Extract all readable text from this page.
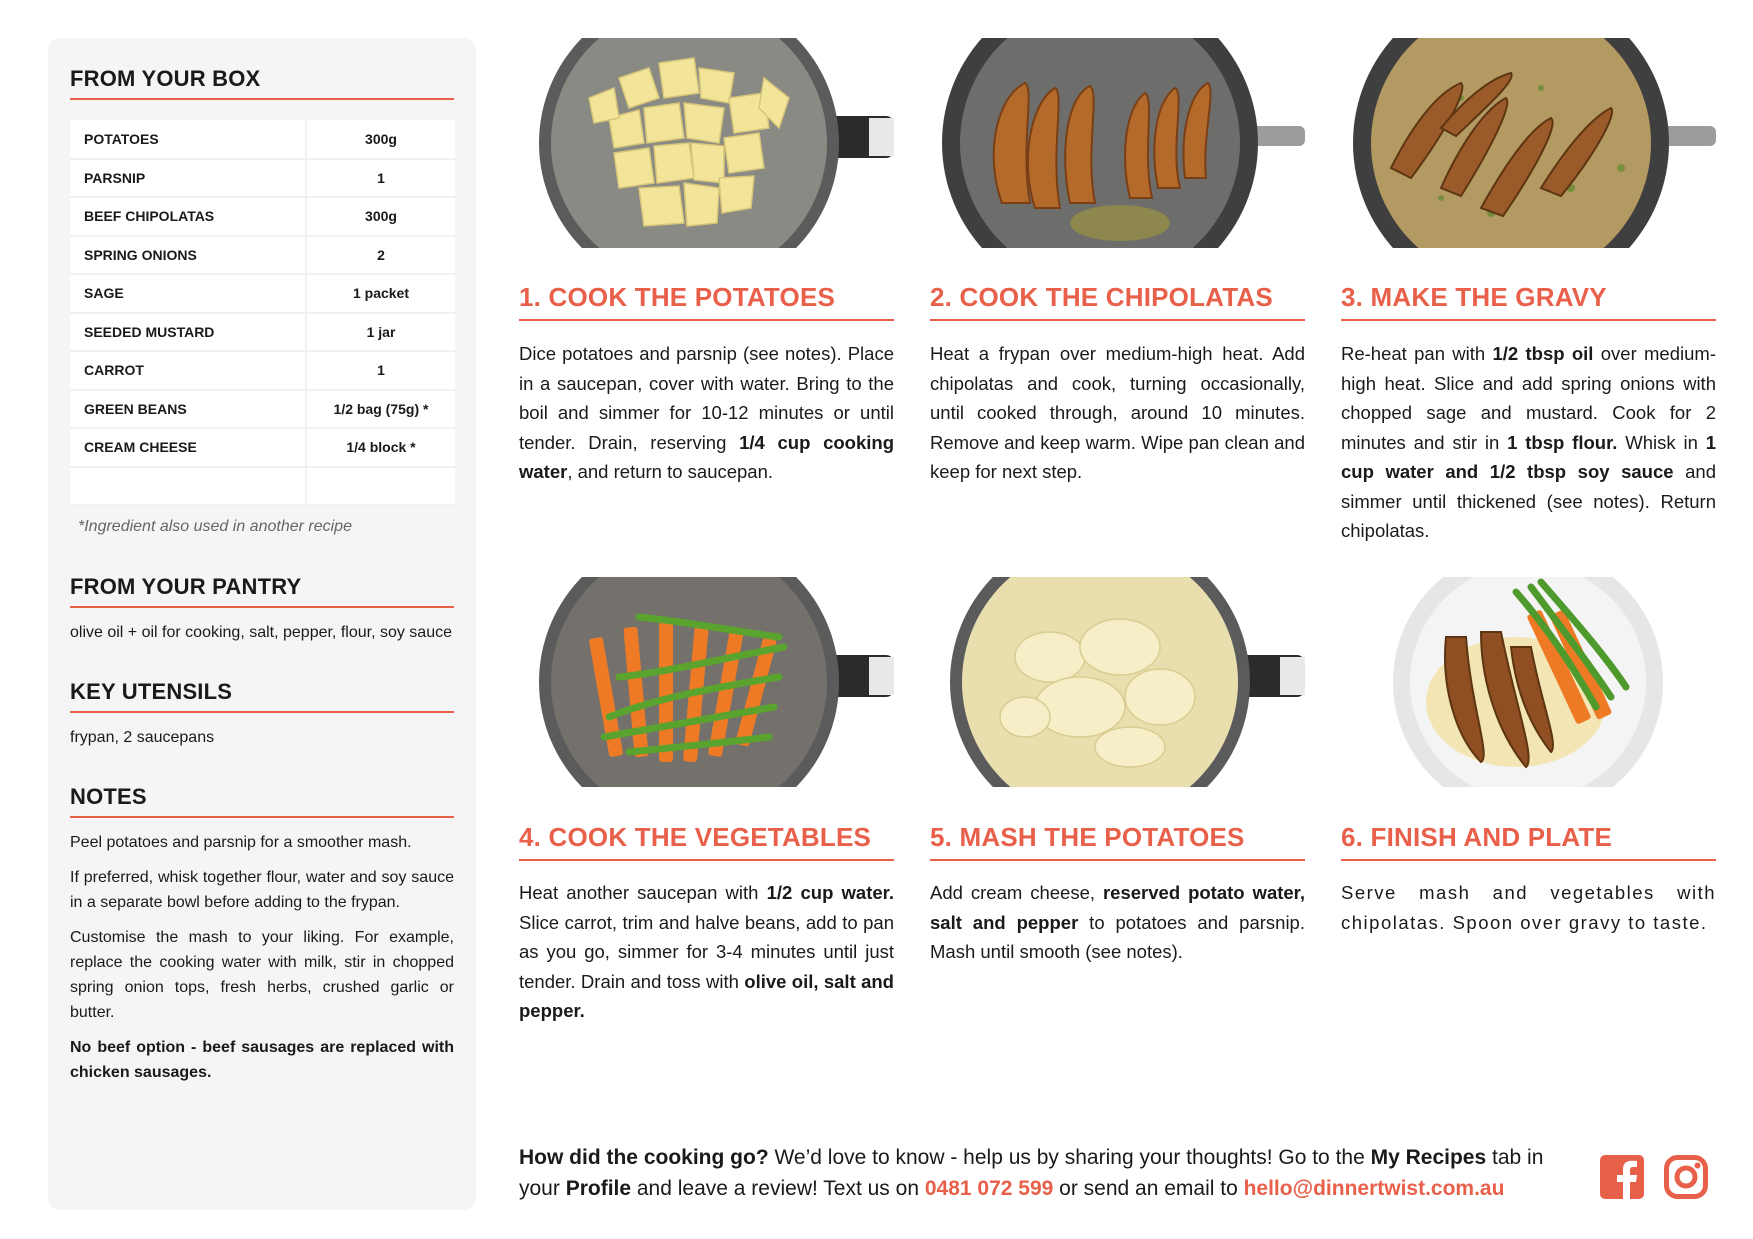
FROM YOUR BOX
POTATOES	300g
PARSNIP	1
BEEF CHIPOLATAS	300g
SPRING ONIONS	2
SAGE	1 packet
SEEDED MUSTARD	1 jar
CARROT	1
GREEN BEANS	1/2 bag (75g) *
CREAM CHEESE	1/4 block *

*Ingredient also used in another recipe
FROM YOUR PANTRY
olive oil + oil for cooking, salt, pepper, flour, soy sauce
KEY UTENSILS
frypan, 2 saucepans
NOTES
Peel potatoes and parsnip for a smoother mash.
If preferred, whisk together flour, water and soy sauce in a separate bowl before adding to the frypan.
Customise the mash to your liking. For example, replace the cooking water with milk, stir in chopped spring onion tops, fresh herbs, crushed garlic or butter.
No beef option - beef sausages are replaced with chicken sausages.
1. COOK THE POTATOES
Dice potatoes and parsnip (see notes). Place in a saucepan, cover with water. Bring to the boil and simmer for 10-12 minutes or until tender. Drain, reserving 1/4 cup cooking water, and return to saucepan.
2. COOK THE CHIPOLATAS
Heat a frypan over medium-high heat. Add chipolatas and cook, turning occasionally, until cooked through, around 10 minutes. Remove and keep warm. Wipe pan clean and keep for next step.
3. MAKE THE GRAVY
Re-heat pan with 1/2 tbsp oil over medium-high heat. Slice and add spring onions with chopped sage and mustard. Cook for 2 minutes and stir in 1 tbsp flour. Whisk in 1 cup water and 1/2 tbsp soy sauce and simmer until thickened (see notes). Return chipolatas.
4. COOK THE VEGETABLES
Heat another saucepan with 1/2 cup water. Slice carrot, trim and halve beans, add to pan as you go, simmer for 3-4 minutes until just tender. Drain and toss with olive oil, salt and pepper.
5. MASH THE POTATOES
Add cream cheese, reserved potato water, salt and pepper to potatoes and parsnip. Mash until smooth (see notes).
6. FINISH AND PLATE
Serve mash and vegetables with chipolatas. Spoon over gravy to taste.
How did the cooking go? We’d love to know - help us by sharing your thoughts! Go to the My Recipes tab in your Profile and leave a review! Text us on 0481 072 599 or send an email to hello@dinnertwist.com.au
